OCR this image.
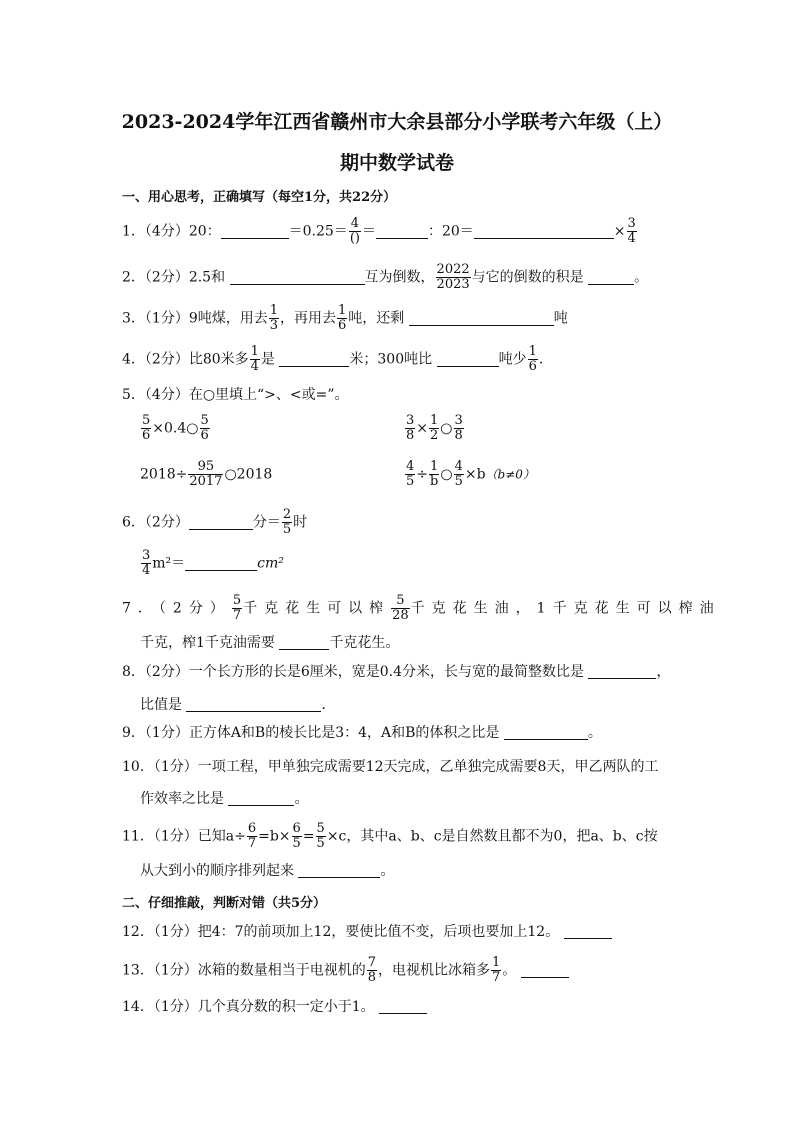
2023-2024学年江西省赣州市大余县部分小学联考六年级（上）
期中数学试卷
一、用心思考，正确填写（每空1分，共22分）
1．（4分）20：	＝0.25＝ 4
() ＝	：20＝	× $\frac{3}{4}$
2．（2分）2.5和	互为倒数， $\frac{2022}{2023}$ 与它的倒数的积是	。
3．（1分）9吨煤，用去 $\frac{1}{3}$ ，再用去 $\frac{1}{6}$ 吨，还剩	吨
4．（2分）比80米多 $\frac{1}{4}$ 是	米；300吨比	吨少 $\frac{1}{6}$ .
5．（4分）在○里填上“>、<或=”。
$\frac{5}{6}$ ×0.4○ $\frac{5}{6}$	$\frac{3}{8} \times \frac{1}{2}$ ○ $\frac{3}{8}$
$2018\div \frac{95}{2017}$ ○2018	$\frac{4}{5} \div \frac{1}{b}$ ○ $\frac{4}{5} \times b(b\ne 0)$
6．（2分）	分＝ $\frac{2}{5}$ 时
$\frac{3}{4} m^2=$	cm²
7．（2分） $\frac{5}{7}$ 千克花生可以榨 $\frac{5}{28}$ 千克花生油，1千克花生可以榨油
千克，榨1千克油需要	千克花生。
8．（2分）一个长方形的长是6厘米，宽是0.4分米，长与宽的最简整数比是	，
比值是	.
9．（1分）正方体A和B的棱长比是3：4，A和B的体积之比是	。
10．（1分）一项工程，甲单独完成需要12天完成，乙单独完成需要8天，甲乙两队的工
作效率之比是	。
11．（1分）已知$a\div \frac{6}{7} =b\times \frac{6}{5} = \frac{5}{5} \times c$，其中a、b、c是自然数且都不为0，把a、b、c按
从大到小的顺序排列起来	。
二、仔细推敲，判断对错（共5分）
12．（1分）把4：7的前项加上12，要使比值不变，后项也要加上12。
13．（1分）冰箱的数量相当于电视机的 $\frac{7}{8}$ ，电视机比冰箱多 $\frac{1}{7}$ 。
14．（1分）几个真分数的积一定小于1。
